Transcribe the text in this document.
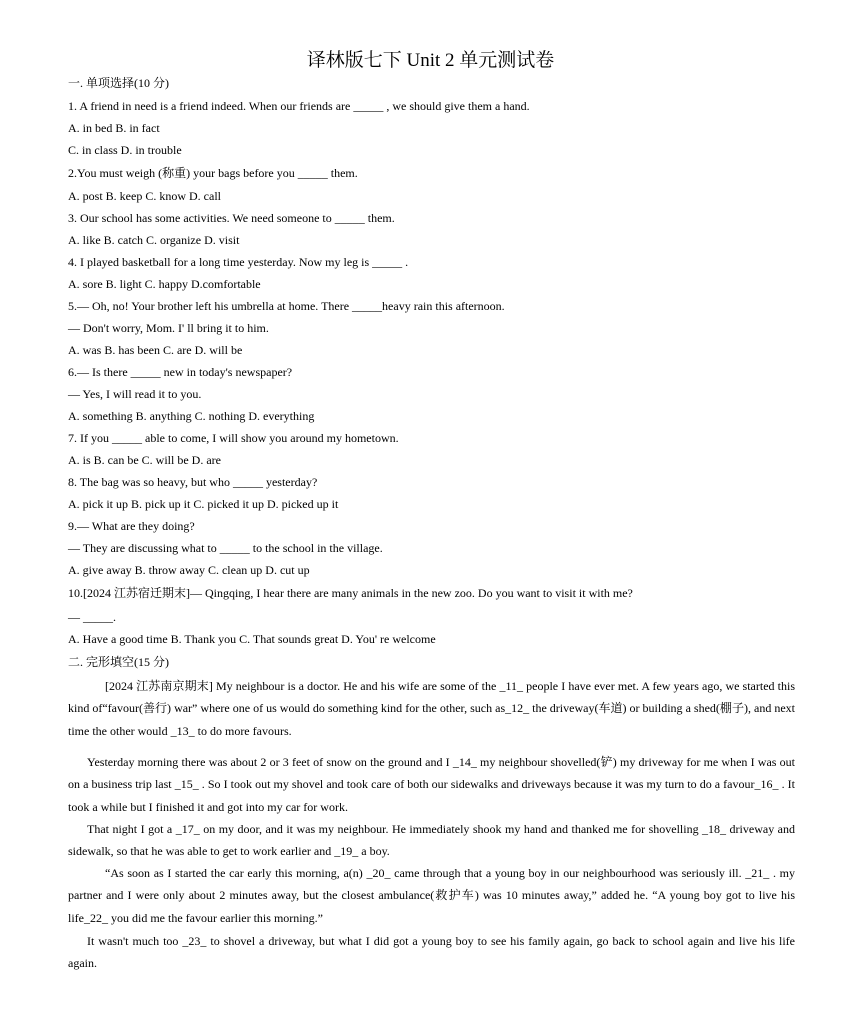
译林版七下 Unit 2 单元测试卷
一. 单项选择(10 分)
1. A friend in need is a friend indeed. When our friends are _____ , we should give them a hand.
A. in bed B. in fact
C. in class D. in trouble
2.You must weigh (称重) your bags before you _____ them.
A. post B. keep C. know D. call
3. Our school has some activities. We need someone to _____ them.
A. like B. catch C. organize D. visit
4. I played basketball for a long time yesterday. Now my leg is _____ .
A. sore B. light C. happy D.comfortable
5.— Oh, no! Your brother left his umbrella at home. There _____heavy rain this afternoon.
— Don't worry, Mom. I' ll bring it to him.
A. was B. has been C. are D. will be
6.— Is there _____ new in today's newspaper?
— Yes, I will read it to you.
A. something B. anything C. nothing D. everything
7. If you _____ able to come, I will show you around my hometown.
A. is B. can be C. will be D. are
8. The bag was so heavy, but who _____ yesterday?
A. pick it up B. pick up it C. picked it up D. picked up it
9.— What are they doing?
— They are discussing what to _____ to the school in the village.
A. give away B. throw away C. clean up D. cut up
10.[2024 江苏宿迁期末]— Qingqing, I hear there are many animals in the new zoo. Do you want to visit it with me?
— _____.
A. Have a good time B. Thank you C. That sounds great D. You' re welcome
二. 完形填空(15 分)
[2024 江苏南京期末] My neighbour is a doctor. He and his wife are some of the _11_ people I have ever met. A few years ago, we started this kind of“favour(善行) war” where one of us would do something kind for the other, such as_12_ the driveway(车道) or building a shed(棚子), and next time the other would _13_ to do more favours.
Yesterday morning there was about 2 or 3 feet of snow on the ground and I _14_ my neighbour shovelled(铲) my driveway for me when I was out on a business trip last _15_ . So I took out my shovel and took care of both our sidewalks and driveways because it was my turn to do a favour_16_ . It took a while but I finished it and got into my car for work.
That night I got a _17_ on my door, and it was my neighbour. He immediately shook my hand and thanked me for shovelling _18_ driveway and sidewalk, so that he was able to get to work earlier and _19_ a boy.
“As soon as I started the car early this morning, a(n) _20_ came through that a young boy in our neighbourhood was seriously ill. _21_ . my partner and I were only about 2 minutes away, but the closest ambulance(救护车) was 10 minutes away,” added he. “A young boy got to live his life_22_ you did me the favour earlier this morning.”
It wasn't much too _23_ to shovel a driveway, but what I did got a young boy to see his family again, go back to school again and live his life again.
